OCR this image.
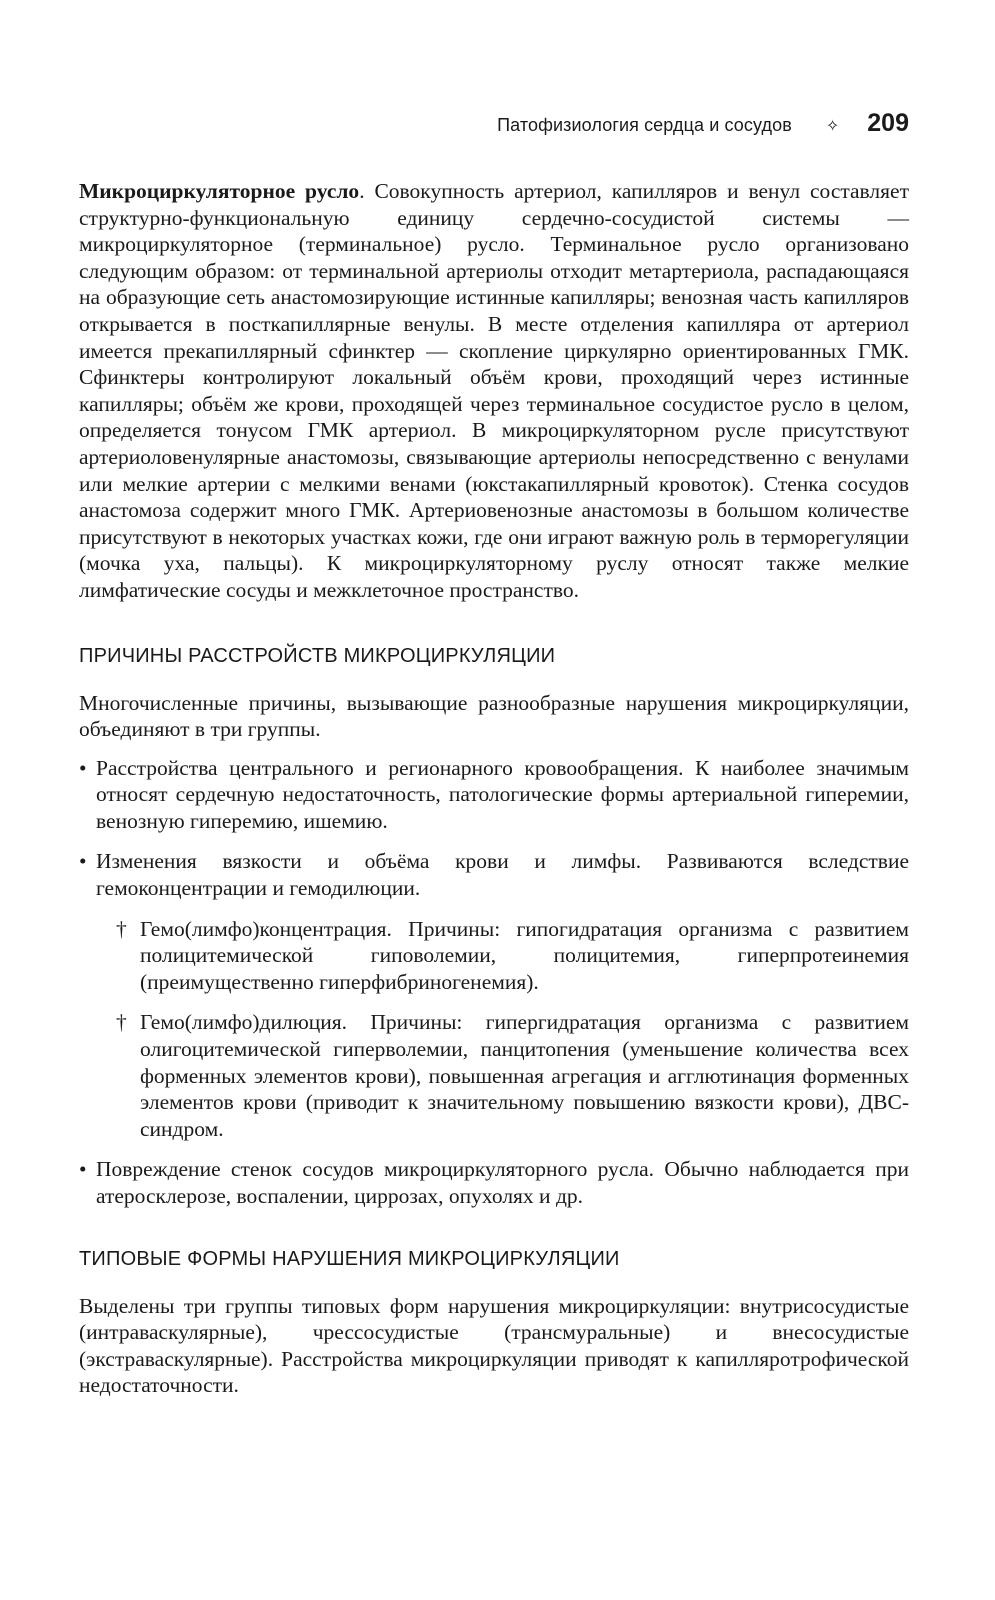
Патофизиология сердца и сосудов ✧ 209

Микроциркуляторное русло. Совокупность артериол, капилляров и венул составляет структурно-функциональную единицу сердечно-сосудистой системы — микроциркуляторное (терминальное) русло. Терминальное русло организовано следующим образом: от терминальной артериолы отходит метартериола, распадающаяся на образующие сеть анастомозирующие истинные капилляры; венозная часть капилляров открывается в посткапиллярные венулы. В месте отделения капилляра от артериол имеется прекапиллярный сфинктер — скопление циркулярно ориентированных ГМК. Сфинктеры контролируют локальный объём крови, проходящий через истинные капилляры; объём же крови, проходящей через терминальное сосудистое русло в целом, определяется тонусом ГМК артериол. В микроциркуляторном русле присутствуют артериоловенулярные анастомозы, связывающие артериолы непосредственно с венулами или мелкие артерии с мелкими венами (юкстакапиллярный кровоток). Стенка сосудов анастомоза содержит много ГМК. Артериовенозные анастомозы в большом количестве присутствуют в некоторых участках кожи, где они играют важную роль в терморегуляции (мочка уха, пальцы). К микроциркуляторному руслу относят также мелкие лимфатические сосуды и межклеточное пространство.

ПРИЧИНЫ РАССТРОЙСТВ МИКРОЦИРКУЛЯЦИИ

Многочисленные причины, вызывающие разнообразные нарушения микроциркуляции, объединяют в три группы.

• Расстройства центрального и регионарного кровообращения. К наиболее значимым относят сердечную недостаточность, патологические формы артериальной гиперемии, венозную гиперемию, ишемию.
• Изменения вязкости и объёма крови и лимфы. Развиваются вследствие гемоконцентрации и гемодилюции.
† Гемо(лимфо)концентрация. Причины: гипогидратация организма с развитием полицитемической гиповолемии, полицитемия, гиперпротеинемия (преимущественно гиперфибриногенемия).
† Гемо(лимфо)дилюция. Причины: гипергидратация организма с развитием олигоцитемической гиперволемии, панцитопения (уменьшение количества всех форменных элементов крови), повышенная агрегация и агглютинация форменных элементов крови (приводит к значительному повышению вязкости крови), ДВС-синдром.
• Повреждение стенок сосудов микроциркуляторного русла. Обычно наблюдается при атеросклерозе, воспалении, циррозах, опухолях и др.
ТИПОВЫЕ ФОРМЫ НАРУШЕНИЯ МИКРОЦИРКУЛЯЦИИ

Выделены три группы типовых форм нарушения микроциркуляции: внутрисосудистые (интраваскулярные), чрессосудистые (трансмуральные) и внесосудистые (экстраваскулярные). Расстройства микроциркуляции приводят к капилляротрофической недостаточности.
